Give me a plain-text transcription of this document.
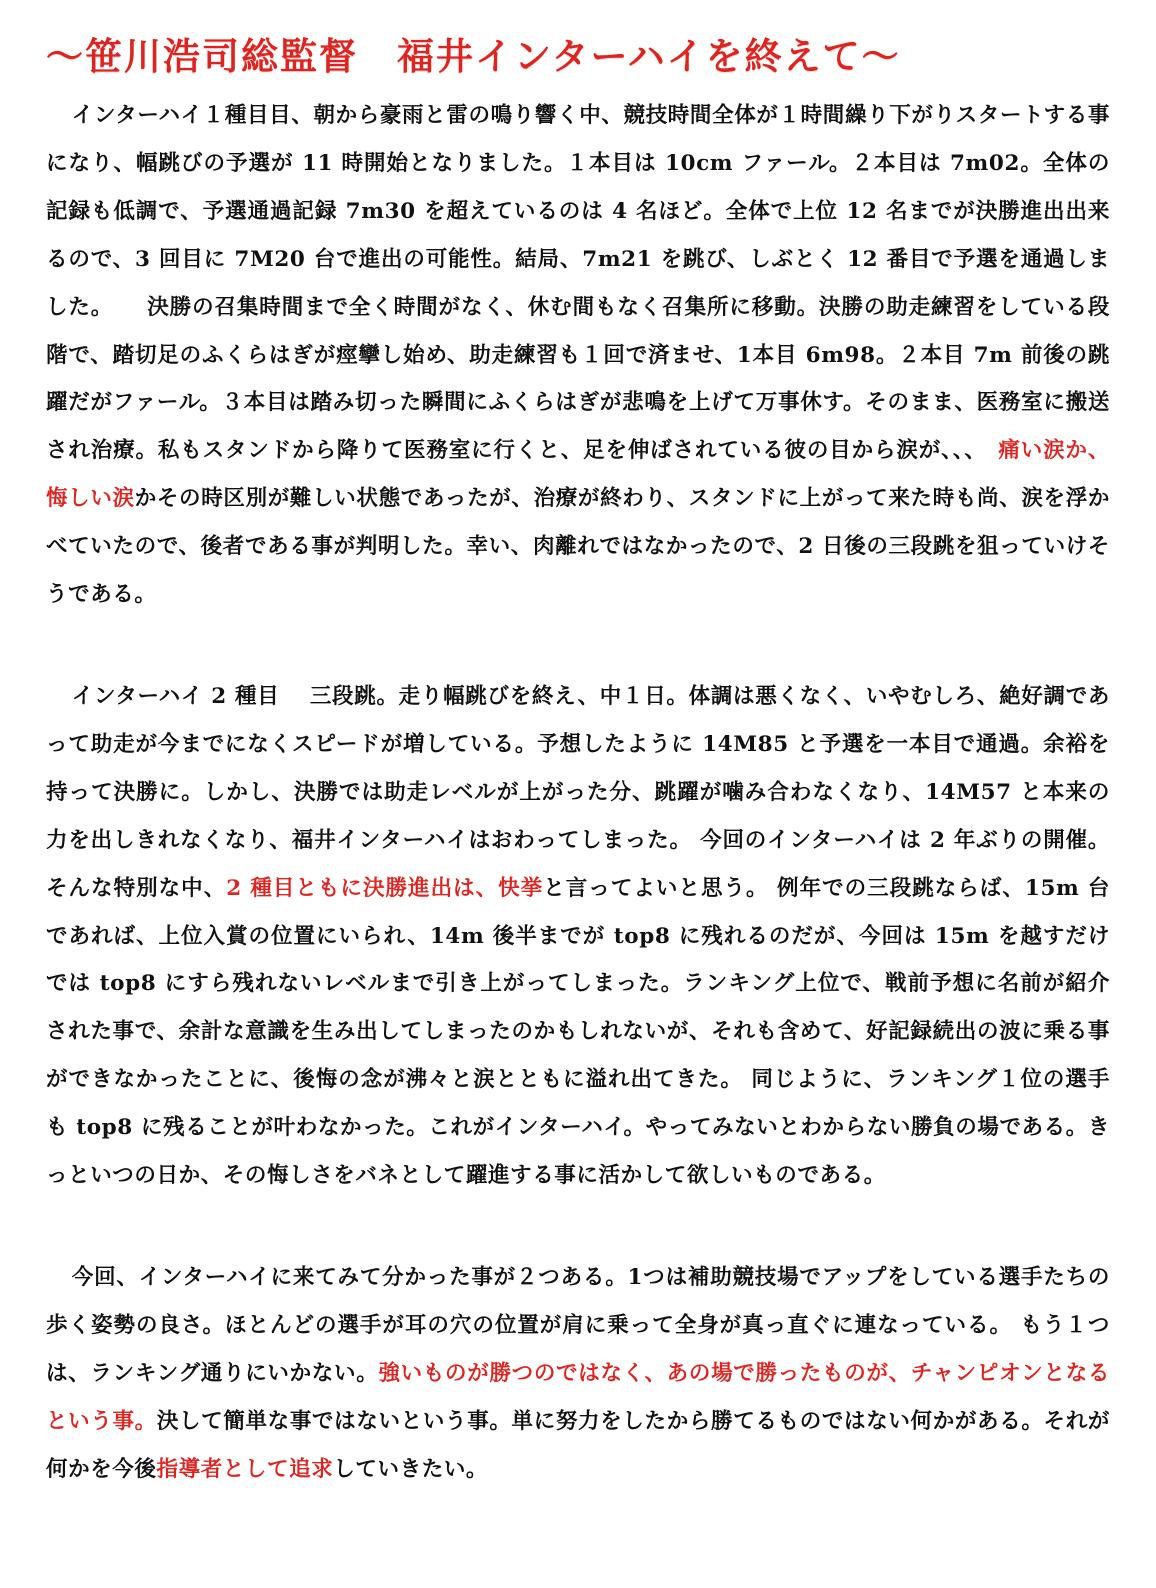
～笹川浩司総監督　福井インターハイを終えて～

インターハイ１種目目、朝から豪雨と雷の鳴り響く中、競技時間全体が１時間繰り下がりスタートする事になり、幅跳びの予選が 11 時開始となりました。１本目は 10cm ファール。２本目は 7m02。全体の記録も低調で、予選通過記録 7m30 を超えているのは 4 名ほど。全体で上位 12 名までが決勝進出出来るので、3 回目に 7M20 台で進出の可能性。結局、7m21 を跳び、しぶとく 12 番目で予選を通過しました。　　決勝の召集時間まで全く時間がなく、休む間もなく召集所に移動。決勝の助走練習をしている段階で、踏切足のふくらはぎが痙攣し始め、助走練習も１回で済ませ、1本目 6m98。２本目 7m 前後の跳躍だがファール。３本目は踏み切った瞬間にふくらはぎが悲鳴を上げて万事休す。そのまま、医務室に搬送され治療。私もスタンドから降りて医務室に行くと、足を伸ばされている彼の目から涙が、、、　痛い涙か、悔しい涙かその時区別が難しい状態であったが、治療が終わり、スタンドに上がって来た時も尚、涙を浮かべていたので、後者である事が判明した。幸い、肉離れではなかったので、2 日後の三段跳を狙っていけそうである。

インターハイ 2 種目　 三段跳。走り幅跳びを終え、中１日。体調は悪くなく、いやむしろ、絶好調であって助走が今までになくスピードが増している。予想したように 14M85 と予選を一本目で通過。余裕を持って決勝に。しかし、決勝では助走レベルが上がった分、跳躍が噛み合わなくなり、14M57 と本来の力を出しきれなくなり、福井インターハイはおわってしまった。 今回のインターハイは 2 年ぶりの開催。そんな特別な中、2 種目ともに決勝進出は、快挙と言ってよいと思う。 例年での三段跳ならば、15m 台であれば、上位入賞の位置にいられ、14m 後半までが top8 に残れるのだが、今回は 15m を越すだけでは top8 にすら残れないレベルまで引き上がってしまった。ランキング上位で、戦前予想に名前が紹介された事で、余計な意識を生み出してしまったのかもしれないが、それも含めて、好記録続出の波に乗る事ができなかったことに、後悔の念が沸々と涙とともに溢れ出てきた。 同じように、ランキング１位の選手も top8 に残ることが叶わなかった。これがインターハイ。やってみないとわからない勝負の場である。きっといつの日か、その悔しさをバネとして躍進する事に活かして欲しいものである。

今回、インターハイに来てみて分かった事が２つある。1つは補助競技場でアップをしている選手たちの歩く姿勢の良さ。ほとんどの選手が耳の穴の位置が肩に乗って全身が真っ直ぐに連なっている。 もう１つは、ランキング通りにいかない。強いものが勝つのではなく、あの場で勝ったものが、チャンピオンとなるという事。決して簡単な事ではないという事。単に努力をしたから勝てるものではない何かがある。それが何かを今後指導者として追求していきたい。
